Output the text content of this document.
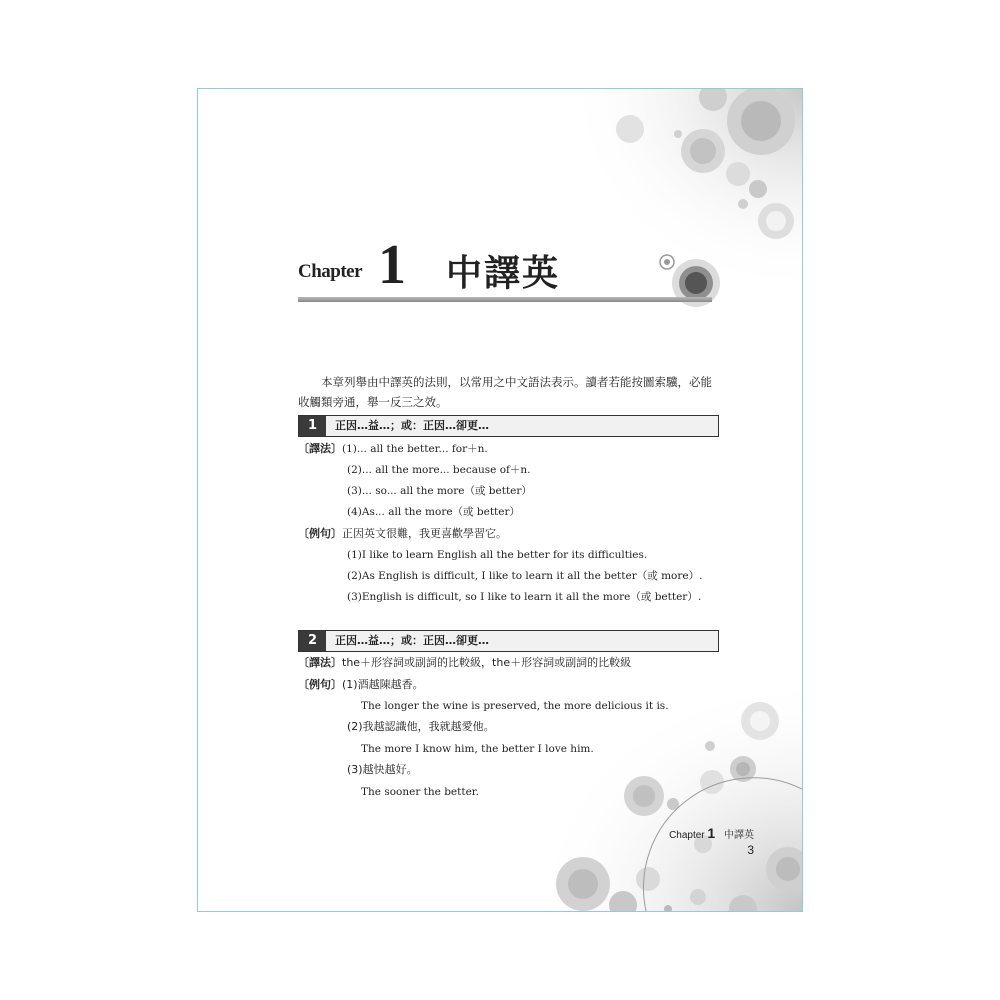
Chapter 1 中譯英

本章列舉由中譯英的法則，以常用之中文語法表示。讀者若能按圖索驥，必能收觸類旁通，舉一反三之效。

1	正因…益…；或：正因…卻更…
〔譯法〕(1)... all the better... for＋n.
(2)... all the more... because of＋n.
(3)... so... all the more（或 better）
(4)As... all the more（或 better）
〔例句〕正因英文很難，我更喜歡學習它。
(1)I like to learn English all the better for its difficulties.
(2)As English is difficult, I like to learn it all the better（或 more）.
(3)English is difficult, so I like to learn it all the more（或 better）.
2	正因…益…；或：正因…卻更…
〔譯法〕the＋形容詞或副詞的比較級，the＋形容詞或副詞的比較級
〔例句〕(1)酒越陳越香。
The longer the wine is preserved, the more delicious it is.
(2)我越認識他，我就越愛他。
The more I know him, the better I love him.
(3)越快越好。
The sooner the better.
Chapter 1 中譯英
3
